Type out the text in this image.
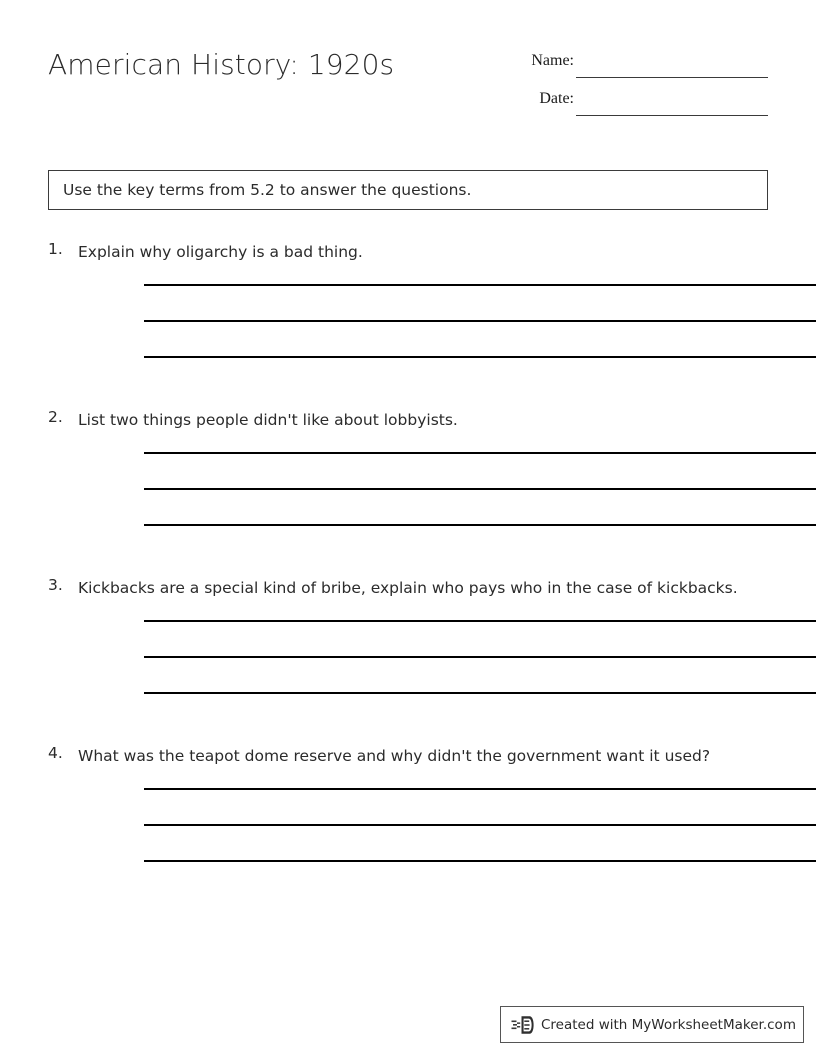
American History: 1920s	Name:
Date:
Use the key terms from 5.2 to answer the questions.
1. Explain why oligarchy is a bad thing.
2. List two things people didn't like about lobbyists.
3. Kickbacks are a special kind of bribe, explain who pays who in the case of kickbacks.
4. What was the teapot dome reserve and why didn't the government want it used?
Created with MyWorksheetMaker.com
